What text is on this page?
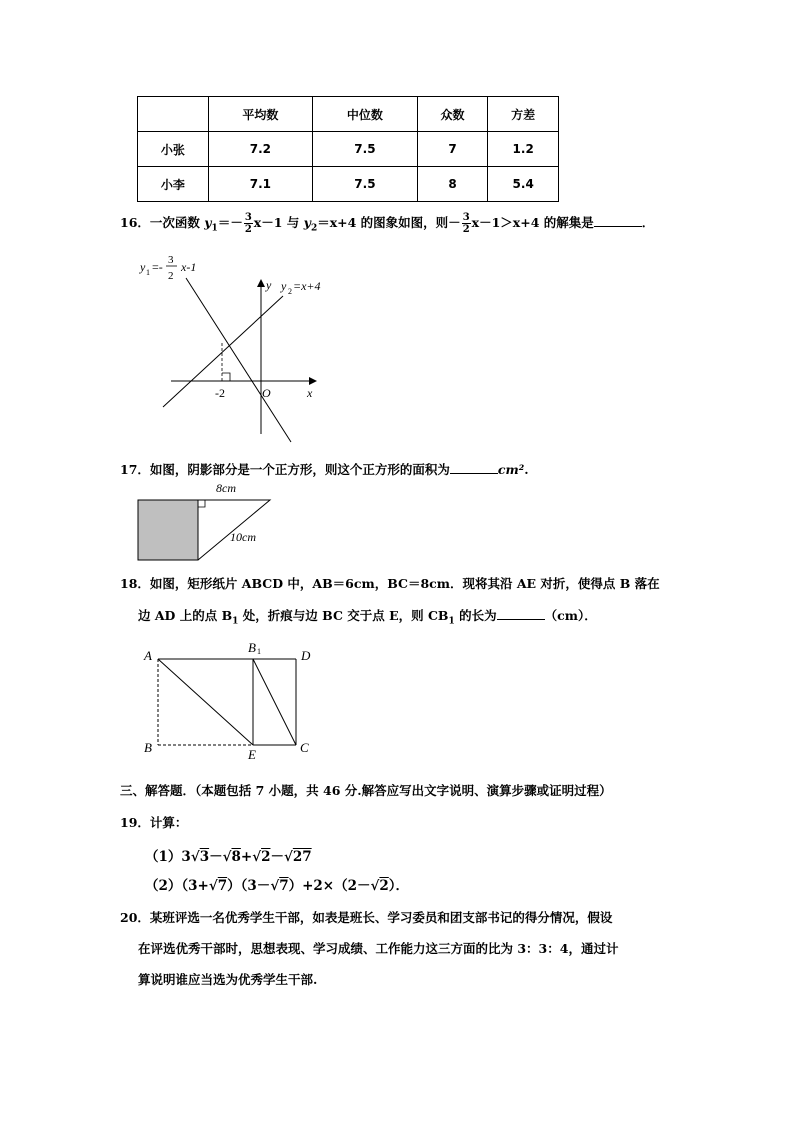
	平均数	中位数	众数	方差
小张	7.2	7.5	7	1.2
小李	7.1	7.5	8	5.4
16．一次函数 $y_1=- \frac{3}{2} x-1$ 与 $y_2=x+4$ 的图象如图，则－ $\frac{3}{2} x-1>x+4$ 的解集是	．
y 1 =- 3
2
x-1
y 2 =x+4
y
x
O
-2
17．如图，阴影部分是一个正方形，则这个正方形的面积为	cm².
8cm
10cm
18．如图，矩形纸片 ABCD 中，AB＝6cm，BC＝8cm．现将其沿 AE 对折，使得点 B 落在
边 AD 上的点 $B_1$ 处，折痕与边 BC 交于点 E，则 $CB_1$ 的长为	（cm）．
A
B 1	D
B	E	C
三、解答题．（本题包括 7 小题，共 46 分.解答应写出文字说明、演算步骤或证明过程）
19．计算：
（1）3√3－√8+√2－√27
（2）（3+√7）（3－√7）+2×（2－√2）．
20．某班评选一名优秀学生干部，如表是班长、学习委员和团支部书记的得分情况，假设
在评选优秀干部时，思想表现、学习成绩、工作能力这三方面的比为 3：3：4，通过计
算说明谁应当选为优秀学生干部.
